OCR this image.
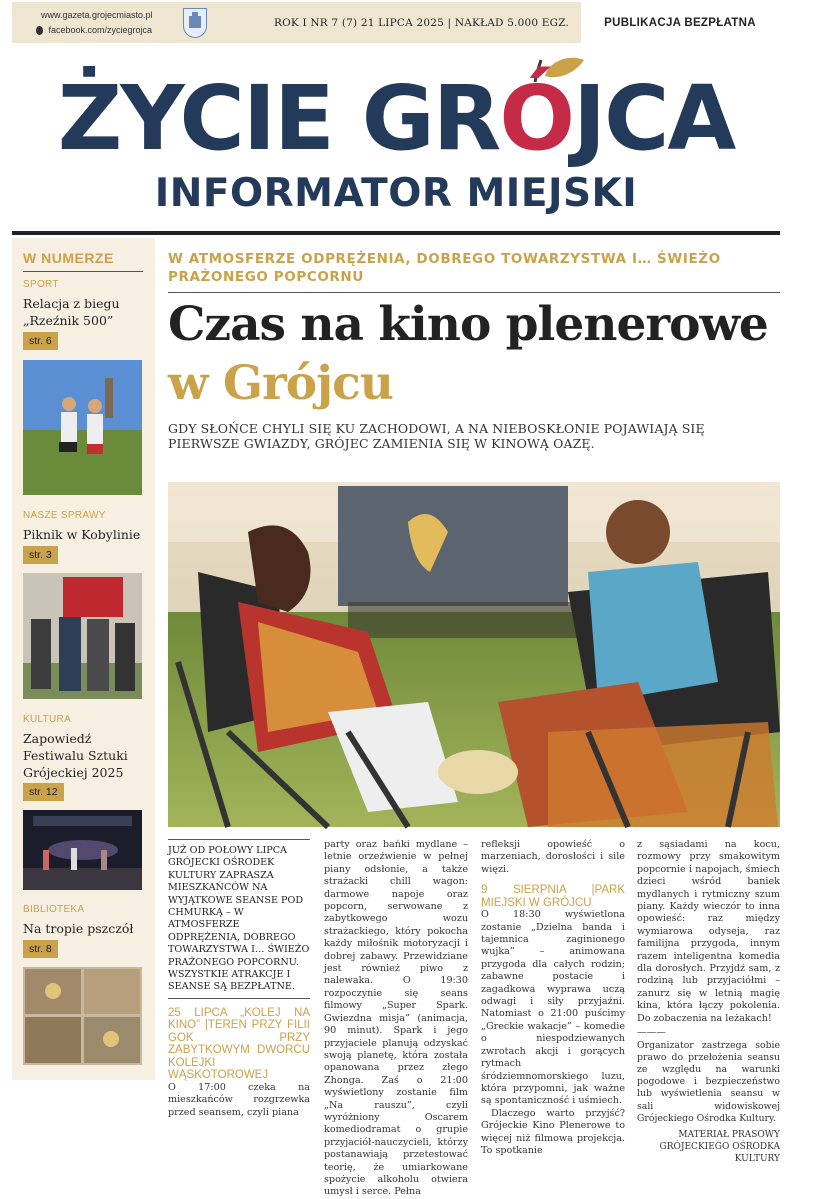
www.gazeta.grojecmiasto.pl
facebook.com/zyciegrojca
ROK I NR 7 (7) 21 LIPCA 2025 | NAKŁAD 5.000 EGZ.	PUBLIKACJA BEZPŁATNA
ŻYCIE GRÓJCA
INFORMATOR MIEJSKI
W NUMERZE
SPORT
Relacja z biegu „Rzeźnik 500”
str. 6
NASZE SPRAWY
Piknik w Kobylinie
str. 3
KULTURA
Zapowiedź Festiwalu Sztuki Grójeckiej 2025
str. 12
BIBLIOTEKA
Na tropie pszczół
str. 8
W ATMOSFERZE ODPRĘŻENIA, DOBREGO TOWARZYSTWA I… ŚWIEŻO PRAŻONEGO POPCORNU
Czas na kino plenerowe
w Grójcu
GDY SŁOŃCE CHYLI SIĘ KU ZACHODOWI, A NA NIEBOSKŁONIE POJAWIAJĄ SIĘ PIERWSZE GWIAZDY, GRÓJEC ZAMIENIA SIĘ W KINOWĄ OAZĘ.

JUŻ OD POŁOWY LIPCA GRÓJECKI OŚRODEK KULTURY ZAPRASZA MIESZKAŃCÓW NA WYJĄTKOWE SEANSE POD CHMURKĄ – W ATMOSFERZE ODPRĘŻENIA, DOBREGO TOWARZYSTWA I… ŚWIEŻO PRAŻONEGO POPCORNU. WSZYSTKIE ATRAKCJE I SEANSE SĄ BEZPŁATNE.

25 LIPCA „KOLEJ NA KINO” |TEREN PRZY FILII GOK PRZY ZABYTKOWYM DWORCU KOLEJKI WĄSKOTOROWEJ

O 17:00 czeka na mieszkańców rozgrzewka przed seansem, czyli piana

party oraz bańki mydlane – letnie orzeźwienie w pełnej piany odsłonie, a także strażacki chill wagon: darmowe napoje oraz popcorn, serwowane z zabytkowego wozu strażackiego, który pokocha każdy miłośnik motoryzacji i dobrej zabawy. Przewidziane jest również piwo z nalewaka. O 19:30 rozpoczynie się seans filmowy „Super Spark. Gwiezdna misja” (animacja, 90 minut). Spark i jego przyjaciele planują odzyskać swoją planetę, która została opanowana przez złego Zhonga. Zaś o 21:00 wyświetlony zostanie film „Na rauszu”, czyli wyróżniony Oscarem komediodramat o grupie przyjaciół-nauczycieli, którzy postanawiają przetestować teorię, że umiarkowane spożycie alkoholu otwiera umysł i serce. Pełna

refleksji opowieść o marzeniach, dorosłości i sile więzi.

9 SIERPNIA |PARK MIEJSKI W GRÓJCU

O 18:30 wyświetlona zostanie „Dzielna banda i tajemnica zaginionego wujka” – animowana przygoda dla całych rodzin; zabawne postacie i zagadkowa wyprawa uczą odwagi i siły przyjaźni. Natomiast o 21:00 puścimy „Greckie wakacje” – komedie o niespodziewanych zwrotach akcji i gorących rytmach śródziemnomorskiego luzu, która przypomni, jak ważne są spontaniczność i uśmiech.

Dlaczego warto przyjść? Grójeckie Kino Plenerowe to więcej niż filmowa projekcja. To spotkanie

z sąsiadami na kocu, rozmowy przy smakowitym popcornie i napojach, śmiech dzieci wśród baniek mydlanych i rytmiczny szum piany. Każdy wieczór to inna opowieść: raz między wymiarowa odyseja, raz familijna przygoda, innym razem inteligentna komedia dla dorosłych. Przyjdź sam, z rodziną lub przyjaciółmi – zanurz się w letnią magię kina, która łączy pokolenia. Do zobaczenia na leżakach!

———

Organizator zastrzega sobie prawo do przełożenia seansu ze względu na warunki pogodowe i bezpieczeństwo lub wyświetlenia seansu w sali widowiskowej Grójeckiego Ośrodka Kultury.

MATERIAŁ PRASOWY

GRÓJECKIEGO OŚRODKA KULTURY
